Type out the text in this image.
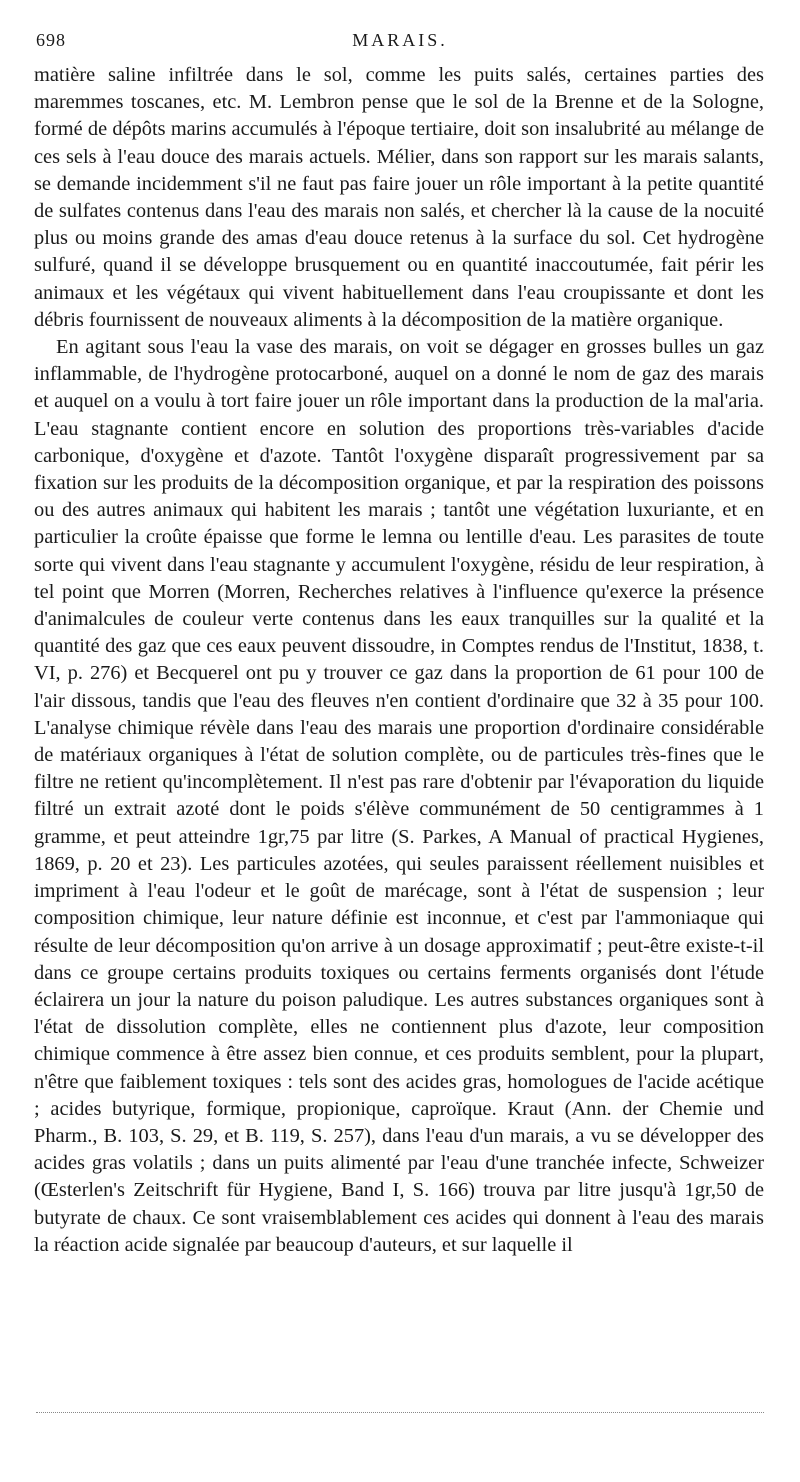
698	MARAIS.

matière saline infiltrée dans le sol, comme les puits salés, certaines parties des maremmes toscanes, etc. M. Lembron pense que le sol de la Brenne et de la Sologne, formé de dépôts marins accumulés à l'époque tertiaire, doit son insalubrité au mélange de ces sels à l'eau douce des marais actuels. Mélier, dans son rapport sur les marais salants, se demande incidemment s'il ne faut pas faire jouer un rôle important à la petite quantité de sulfates contenus dans l'eau des marais non salés, et chercher là la cause de la nocuité plus ou moins grande des amas d'eau douce retenus à la surface du sol. Cet hydrogène sulfuré, quand il se développe brusquement ou en quantité inaccoutumée, fait périr les animaux et les végétaux qui vivent habituellement dans l'eau croupissante et dont les débris fournissent de nouveaux aliments à la décomposition de la matière organique.

En agitant sous l'eau la vase des marais, on voit se dégager en grosses bulles un gaz inflammable, de l'hydrogène protocarboné, auquel on a donné le nom de gaz des marais et auquel on a voulu à tort faire jouer un rôle important dans la production de la mal'aria. L'eau stagnante contient encore en solution des proportions très-variables d'acide carbonique, d'oxygène et d'azote. Tantôt l'oxygène disparaît progressivement par sa fixation sur les produits de la décomposition organique, et par la respiration des poissons ou des autres animaux qui habitent les marais ; tantôt une végétation luxuriante, et en particulier la croûte épaisse que forme le lemna ou lentille d'eau. Les parasites de toute sorte qui vivent dans l'eau stagnante y accumulent l'oxygène, résidu de leur respiration, à tel point que Morren (Morren, Recherches relatives à l'influence qu'exerce la présence d'animalcules de couleur verte contenus dans les eaux tranquilles sur la qualité et la quantité des gaz que ces eaux peuvent dissoudre, in Comptes rendus de l'Institut, 1838, t. VI, p. 276) et Becquerel ont pu y trouver ce gaz dans la proportion de 61 pour 100 de l'air dissous, tandis que l'eau des fleuves n'en contient d'ordinaire que 32 à 35 pour 100. L'analyse chimique révèle dans l'eau des marais une proportion d'ordinaire considérable de matériaux organiques à l'état de solution complète, ou de particules très-fines que le filtre ne retient qu'incomplètement. Il n'est pas rare d'obtenir par l'évaporation du liquide filtré un extrait azoté dont le poids s'élève communément de 50 centigrammes à 1 gramme, et peut atteindre 1gr,75 par litre (S. Parkes, A Manual of practical Hygienes, 1869, p. 20 et 23). Les particules azotées, qui seules paraissent réellement nuisibles et impriment à l'eau l'odeur et le goût de marécage, sont à l'état de suspension ; leur composition chimique, leur nature définie est inconnue, et c'est par l'ammoniaque qui résulte de leur décomposition qu'on arrive à un dosage approximatif ; peut-être existe-t-il dans ce groupe certains produits toxiques ou certains ferments organisés dont l'étude éclairera un jour la nature du poison paludique. Les autres substances organiques sont à l'état de dissolution complète, elles ne contiennent plus d'azote, leur composition chimique commence à être assez bien connue, et ces produits semblent, pour la plupart, n'être que faiblement toxiques : tels sont des acides gras, homologues de l'acide acétique ; acides butyrique, formique, propionique, caproïque. Kraut (Ann. der Chemie und Pharm., B. 103, S. 29, et B. 119, S. 257), dans l'eau d'un marais, a vu se développer des acides gras volatils ; dans un puits alimenté par l'eau d'une tranchée infecte, Schweizer (Œsterlen's Zeitschrift für Hygiene, Band I, S. 166) trouva par litre jusqu'à 1gr,50 de butyrate de chaux. Ce sont vraisemblablement ces acides qui donnent à l'eau des marais la réaction acide signalée par beaucoup d'auteurs, et sur laquelle il
